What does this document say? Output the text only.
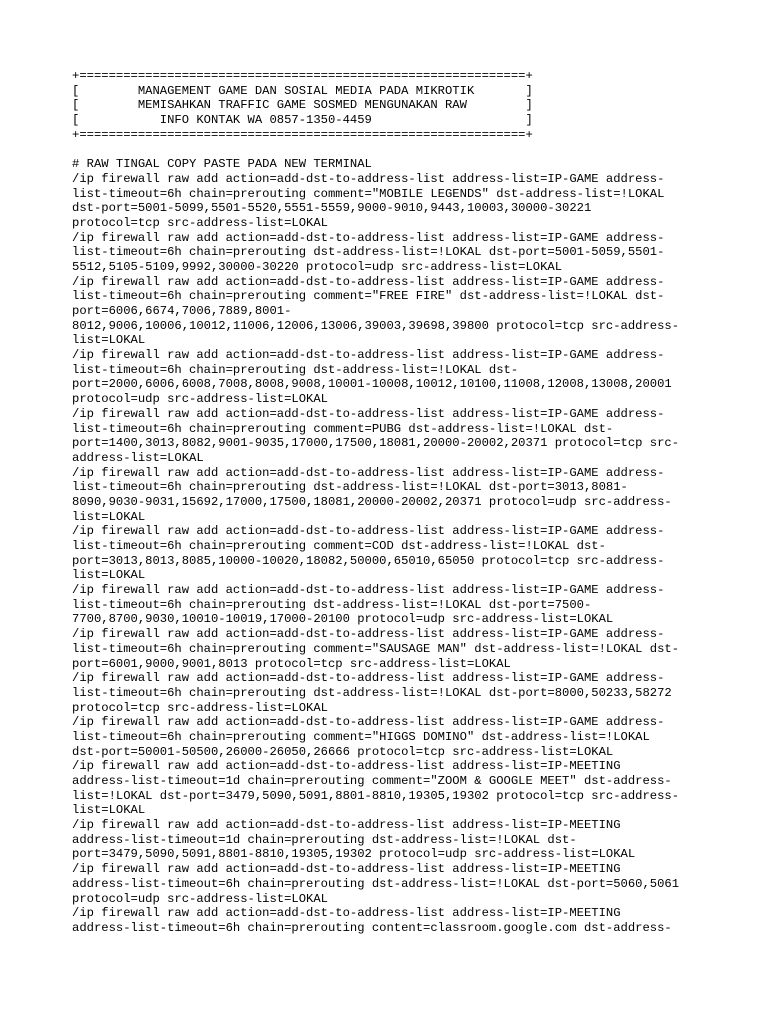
+=============================================================+
[        MANAGEMENT GAME DAN SOSIAL MEDIA PADA MIKROTIK       ]
[        MEMISAHKAN TRAFFIC GAME SOSMED MENGUNAKAN RAW        ]
[           INFO KONTAK WA 0857-1350-4459                     ]
+=============================================================+
# RAW TINGAL COPY PASTE PADA NEW TERMINAL
/ip firewall raw add action=add-dst-to-address-list address-list=IP-GAME address-
list-timeout=6h chain=prerouting comment="MOBILE LEGENDS" dst-address-list=!LOKAL
dst-port=5001-5099,5501-5520,5551-5559,9000-9010,9443,10003,30000-30221
protocol=tcp src-address-list=LOKAL
/ip firewall raw add action=add-dst-to-address-list address-list=IP-GAME address-
list-timeout=6h chain=prerouting dst-address-list=!LOKAL dst-port=5001-5059,5501-
5512,5105-5109,9992,30000-30220 protocol=udp src-address-list=LOKAL
/ip firewall raw add action=add-dst-to-address-list address-list=IP-GAME address-
list-timeout=6h chain=prerouting comment="FREE FIRE" dst-address-list=!LOKAL dst-
port=6006,6674,7006,7889,8001-
8012,9006,10006,10012,11006,12006,13006,39003,39698,39800 protocol=tcp src-address-
list=LOKAL
/ip firewall raw add action=add-dst-to-address-list address-list=IP-GAME address-
list-timeout=6h chain=prerouting dst-address-list=!LOKAL dst-
port=2000,6006,6008,7008,8008,9008,10001-10008,10012,10100,11008,12008,13008,20001
protocol=udp src-address-list=LOKAL
/ip firewall raw add action=add-dst-to-address-list address-list=IP-GAME address-
list-timeout=6h chain=prerouting comment=PUBG dst-address-list=!LOKAL dst-
port=1400,3013,8082,9001-9035,17000,17500,18081,20000-20002,20371 protocol=tcp src-
address-list=LOKAL
/ip firewall raw add action=add-dst-to-address-list address-list=IP-GAME address-
list-timeout=6h chain=prerouting dst-address-list=!LOKAL dst-port=3013,8081-
8090,9030-9031,15692,17000,17500,18081,20000-20002,20371 protocol=udp src-address-
list=LOKAL
/ip firewall raw add action=add-dst-to-address-list address-list=IP-GAME address-
list-timeout=6h chain=prerouting comment=COD dst-address-list=!LOKAL dst-
port=3013,8013,8085,10000-10020,18082,50000,65010,65050 protocol=tcp src-address-
list=LOKAL
/ip firewall raw add action=add-dst-to-address-list address-list=IP-GAME address-
list-timeout=6h chain=prerouting dst-address-list=!LOKAL dst-port=7500-
7700,8700,9030,10010-10019,17000-20100 protocol=udp src-address-list=LOKAL
/ip firewall raw add action=add-dst-to-address-list address-list=IP-GAME address-
list-timeout=6h chain=prerouting comment="SAUSAGE MAN" dst-address-list=!LOKAL dst-
port=6001,9000,9001,8013 protocol=tcp src-address-list=LOKAL
/ip firewall raw add action=add-dst-to-address-list address-list=IP-GAME address-
list-timeout=6h chain=prerouting dst-address-list=!LOKAL dst-port=8000,50233,58272
protocol=tcp src-address-list=LOKAL
/ip firewall raw add action=add-dst-to-address-list address-list=IP-GAME address-
list-timeout=6h chain=prerouting comment="HIGGS DOMINO" dst-address-list=!LOKAL
dst-port=50001-50500,26000-26050,26666 protocol=tcp src-address-list=LOKAL
/ip firewall raw add action=add-dst-to-address-list address-list=IP-MEETING
address-list-timeout=1d chain=prerouting comment="ZOOM & GOOGLE MEET" dst-address-
list=!LOKAL dst-port=3479,5090,5091,8801-8810,19305,19302 protocol=tcp src-address-
list=LOKAL
/ip firewall raw add action=add-dst-to-address-list address-list=IP-MEETING
address-list-timeout=1d chain=prerouting dst-address-list=!LOKAL dst-
port=3479,5090,5091,8801-8810,19305,19302 protocol=udp src-address-list=LOKAL
/ip firewall raw add action=add-dst-to-address-list address-list=IP-MEETING
address-list-timeout=6h chain=prerouting dst-address-list=!LOKAL dst-port=5060,5061
protocol=udp src-address-list=LOKAL
/ip firewall raw add action=add-dst-to-address-list address-list=IP-MEETING
address-list-timeout=6h chain=prerouting content=classroom.google.com dst-address-
